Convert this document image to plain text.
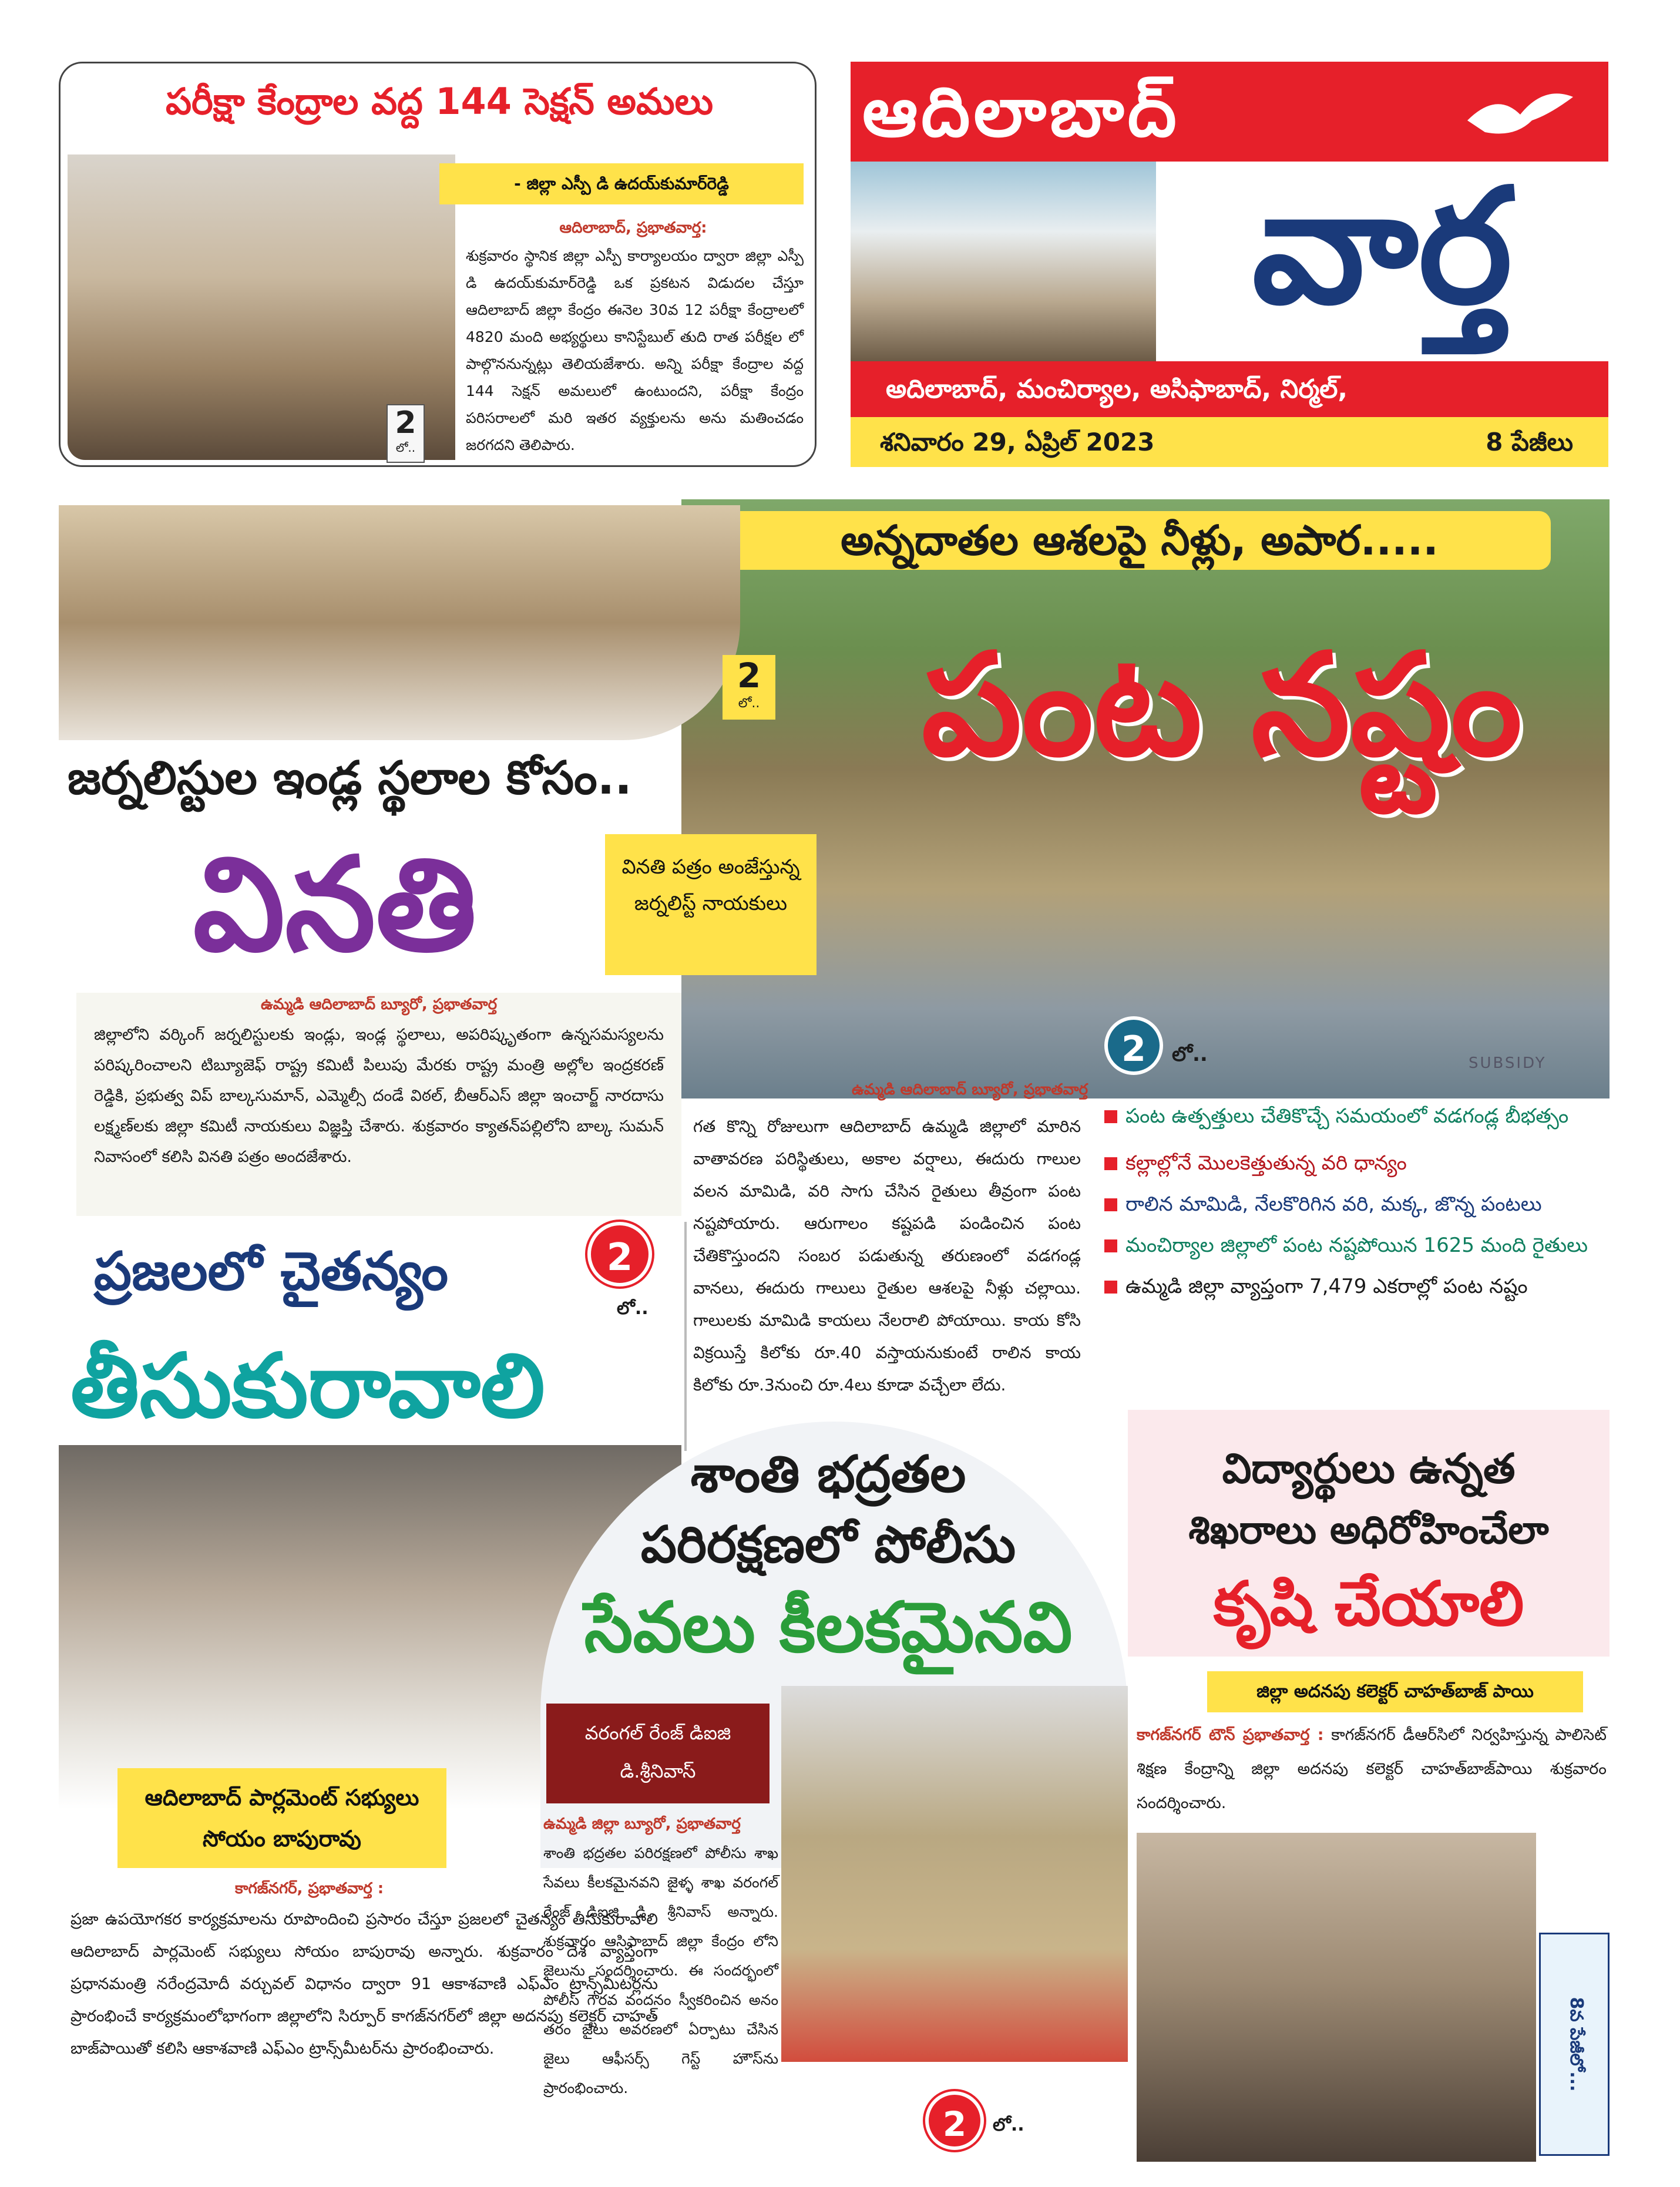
పరీక్షా కేంద్రాల వద్ద 144 సెక్షన్ అమలు
2
లో..
- జిల్లా ఎస్పీ డి ఉదయ్‌కుమార్‌రెడ్డి
ఆదిలాబాద్, ప్రభాతవార్త:
శుక్రవారం స్థానిక జిల్లా ఎస్పీ కార్యాలయం ద్వారా జిల్లా ఎస్పీ డి ఉదయ్‌కుమార్‌రెడ్డి ఒక ప్రకటన విడుదల చేస్తూ ఆదిలాబాద్ జిల్లా కేంద్రం ఈనెల 30వ 12 పరీక్షా కేంద్రాలలో 4820 మంది అభ్యర్థులు కానిస్టేబుల్ తుది రాత పరీక్షల లో పాల్గొననున్నట్లు తెలియజేశారు. అన్ని పరీక్షా కేంద్రాల వద్ద 144 సెక్షన్ అమలులో ఉంటుందని, పరీక్షా కేంద్రం పరిసరాలలో మరి ఇతర వ్యక్తులను అను మతించడం జరగదని తెలిపారు.
ఆదిలాబాద్
వార్త
అదిలాబాద్, మంచిర్యాల, అసిఫాబాద్, నిర్మల్,
శనివారం 29, ఏప్రిల్ 2023	8 పేజీలు
అన్నదాతల ఆశలపై నీళ్లు, అపార.....
పంట నష్టం
SUBSIDY
2	లో..
ఉమ్మడి ఆదిలాబాద్ బ్యూరో, ప్రభాతవార్త
గత కొన్ని రోజులుగా ఆదిలాబాద్ ఉమ్మడి జిల్లాలో మారిన వాతావరణ పరిస్థితులు, అకాల వర్షాలు, ఈదురు గాలుల వలన మామిడి, వరి సాగు చేసిన రైతులు తీవ్రంగా పంట నష్టపోయారు. ఆరుగాలం కష్టపడి పండించిన పంట చేతికొస్తుందని సంబర పడుతున్న తరుణంలో వడగండ్ల వానలు, ఈదురు గాలులు రైతుల ఆశలపై నీళ్లు చల్లాయి. గాలులకు మామిడి కాయలు నేలరాలి పోయాయి. కాయ కోసి విక్రయిస్తే కిలోకు రూ.40 వస్తాయనుకుంటే రాలిన కాయ కిలోకు రూ.3నుంచి రూ.4లు కూడా వచ్చేలా లేదు.
పంట ఉత్పత్తులు చేతికొచ్చే సమయంలో వడగండ్ల బీభత్సం
కల్లాల్లోనే మొలకెత్తుతున్న వరి ధాన్యం
రాలిన మామిడి, నేలకొరిగిన వరి, మక్క, జొన్న పంటలు
మంచిర్యాల జిల్లాలో పంట నష్టపోయిన 1625 మంది రైతులు
ఉమ్మడి జిల్లా వ్యాప్తంగా 7,479 ఎకరాల్లో పంట నష్టం
2
లో..
జర్నలిస్టుల ఇండ్ల స్థలాల కోసం..
వినతి	వినతి పత్రం అంజేస్తున్న జర్నలిస్ట్ నాయకులు
ఉమ్మడి ఆదిలాబాద్ బ్యూరో, ప్రభాతవార్త
జిల్లాలోని వర్కింగ్ జర్నలిస్టులకు ఇండ్లు, ఇండ్ల స్థలాలు, అపరిష్కృతంగా ఉన్నసమస్యలను పరిష్కరించాలని టిబ్యూజెఫ్ రాష్ట్ర కమిటీ పిలుపు మేరకు రాష్ట్ర మంత్రి అల్లోల ఇంద్రకరణ్ రెడ్డికి, ప్రభుత్వ విప్ బాల్కసుమాన్, ఎమ్మెల్సీ దండే విఠల్, బీఆర్ఎస్ జిల్లా ఇంచార్జ్ నారదాసు లక్ష్మణ్‌లకు జిల్లా కమిటీ నాయకులు విజ్ఞప్తి చేశారు. శుక్రవారం క్యాతన్‌పల్లిలోని బాల్క సుమన్ నివాసంలో కలిసి వినతి పత్రం అందజేశారు.
ప్రజలలో చైతన్యం	2
లో..
తీసుకురావాలి
ఆదిలాబాద్ పార్లమెంట్ సభ్యులు సోయం బాపురావు
కాగజ్‌నగర్, ప్రభాతవార్త :
ప్రజా ఉపయోగకర కార్యక్రమాలను రూపొందించి ప్రసారం చేస్తూ ప్రజలలో చైతన్యం తీసుకురావాలి ఆదిలాబాద్ పార్లమెంట్ సభ్యులు సోయం బాపురావు అన్నారు. శుక్రవారం దేశ వ్యాప్తంగా ప్రధానమంత్రి నరేంద్రమోదీ వర్చువల్ విధానం ద్వారా 91 ఆకాశవాణి ఎఫ్‌ఎం ట్రాన్స్‌మీటర్లను ప్రారంభించే కార్యక్రమంలోభాగంగా జిల్లాలోని సిర్పూర్ కాగజ్‌నగర్‌లో జిల్లా అదనపు కలెక్టర్ చాహత్ బాజ్‌పాయితో కలిసి ఆకాశవాణి ఎఫ్‌ఎం ట్రాన్స్‌మీటర్‌ను ప్రారంభించారు.
శాంతి భద్రతల
పరిరక్షణలో పోలీసు
సేవలు కీలకమైనవి
వరంగల్ రేంజ్ డిఐజి డి.శ్రీనివాస్
ఉమ్మడి జిల్లా బ్యూరో, ప్రభాతవార్త
శాంతి భద్రతల పరిరక్షణలో పోలీసు శాఖ సేవలు కీలకమైనవని జైళ్ళ శాఖ వరంగల్ రేంజ్ డిఐజి డి. శ్రీనివాస్ అన్నారు. శుక్రవారం ఆసిఫాబాద్ జిల్లా కేంద్రం లోని జైలును సందర్శించారు. ఈ సందర్భంలో పోలీస్ గౌరవ వందనం స్వీకరించిన అనం తరం జైలు అవరణలో ఏర్పాటు చేసిన జైలు ఆఫీసర్స్ గెస్ట్ హౌస్‌ను ప్రారంభించారు.
2	లో..
విద్యార్థులు ఉన్నత
శిఖరాలు అధిరోహించేలా
కృషి చేయాలి
జిల్లా అదనపు కలెక్టర్ చాహత్‌బాజ్ పాయి
కాగజ్‌నగర్ టౌన్ ప్రభాతవార్త : కాగజ్‌నగర్ డీఆర్‌సిలో నిర్వహిస్తున్న పాలిసెట్ శిక్షణ కేంద్రాన్ని జిల్లా అదనపు కలెక్టర్ చాహత్‌బాజ్‌పాయి శుక్రవారం సందర్శించారు.
8వ పేజీలో...
